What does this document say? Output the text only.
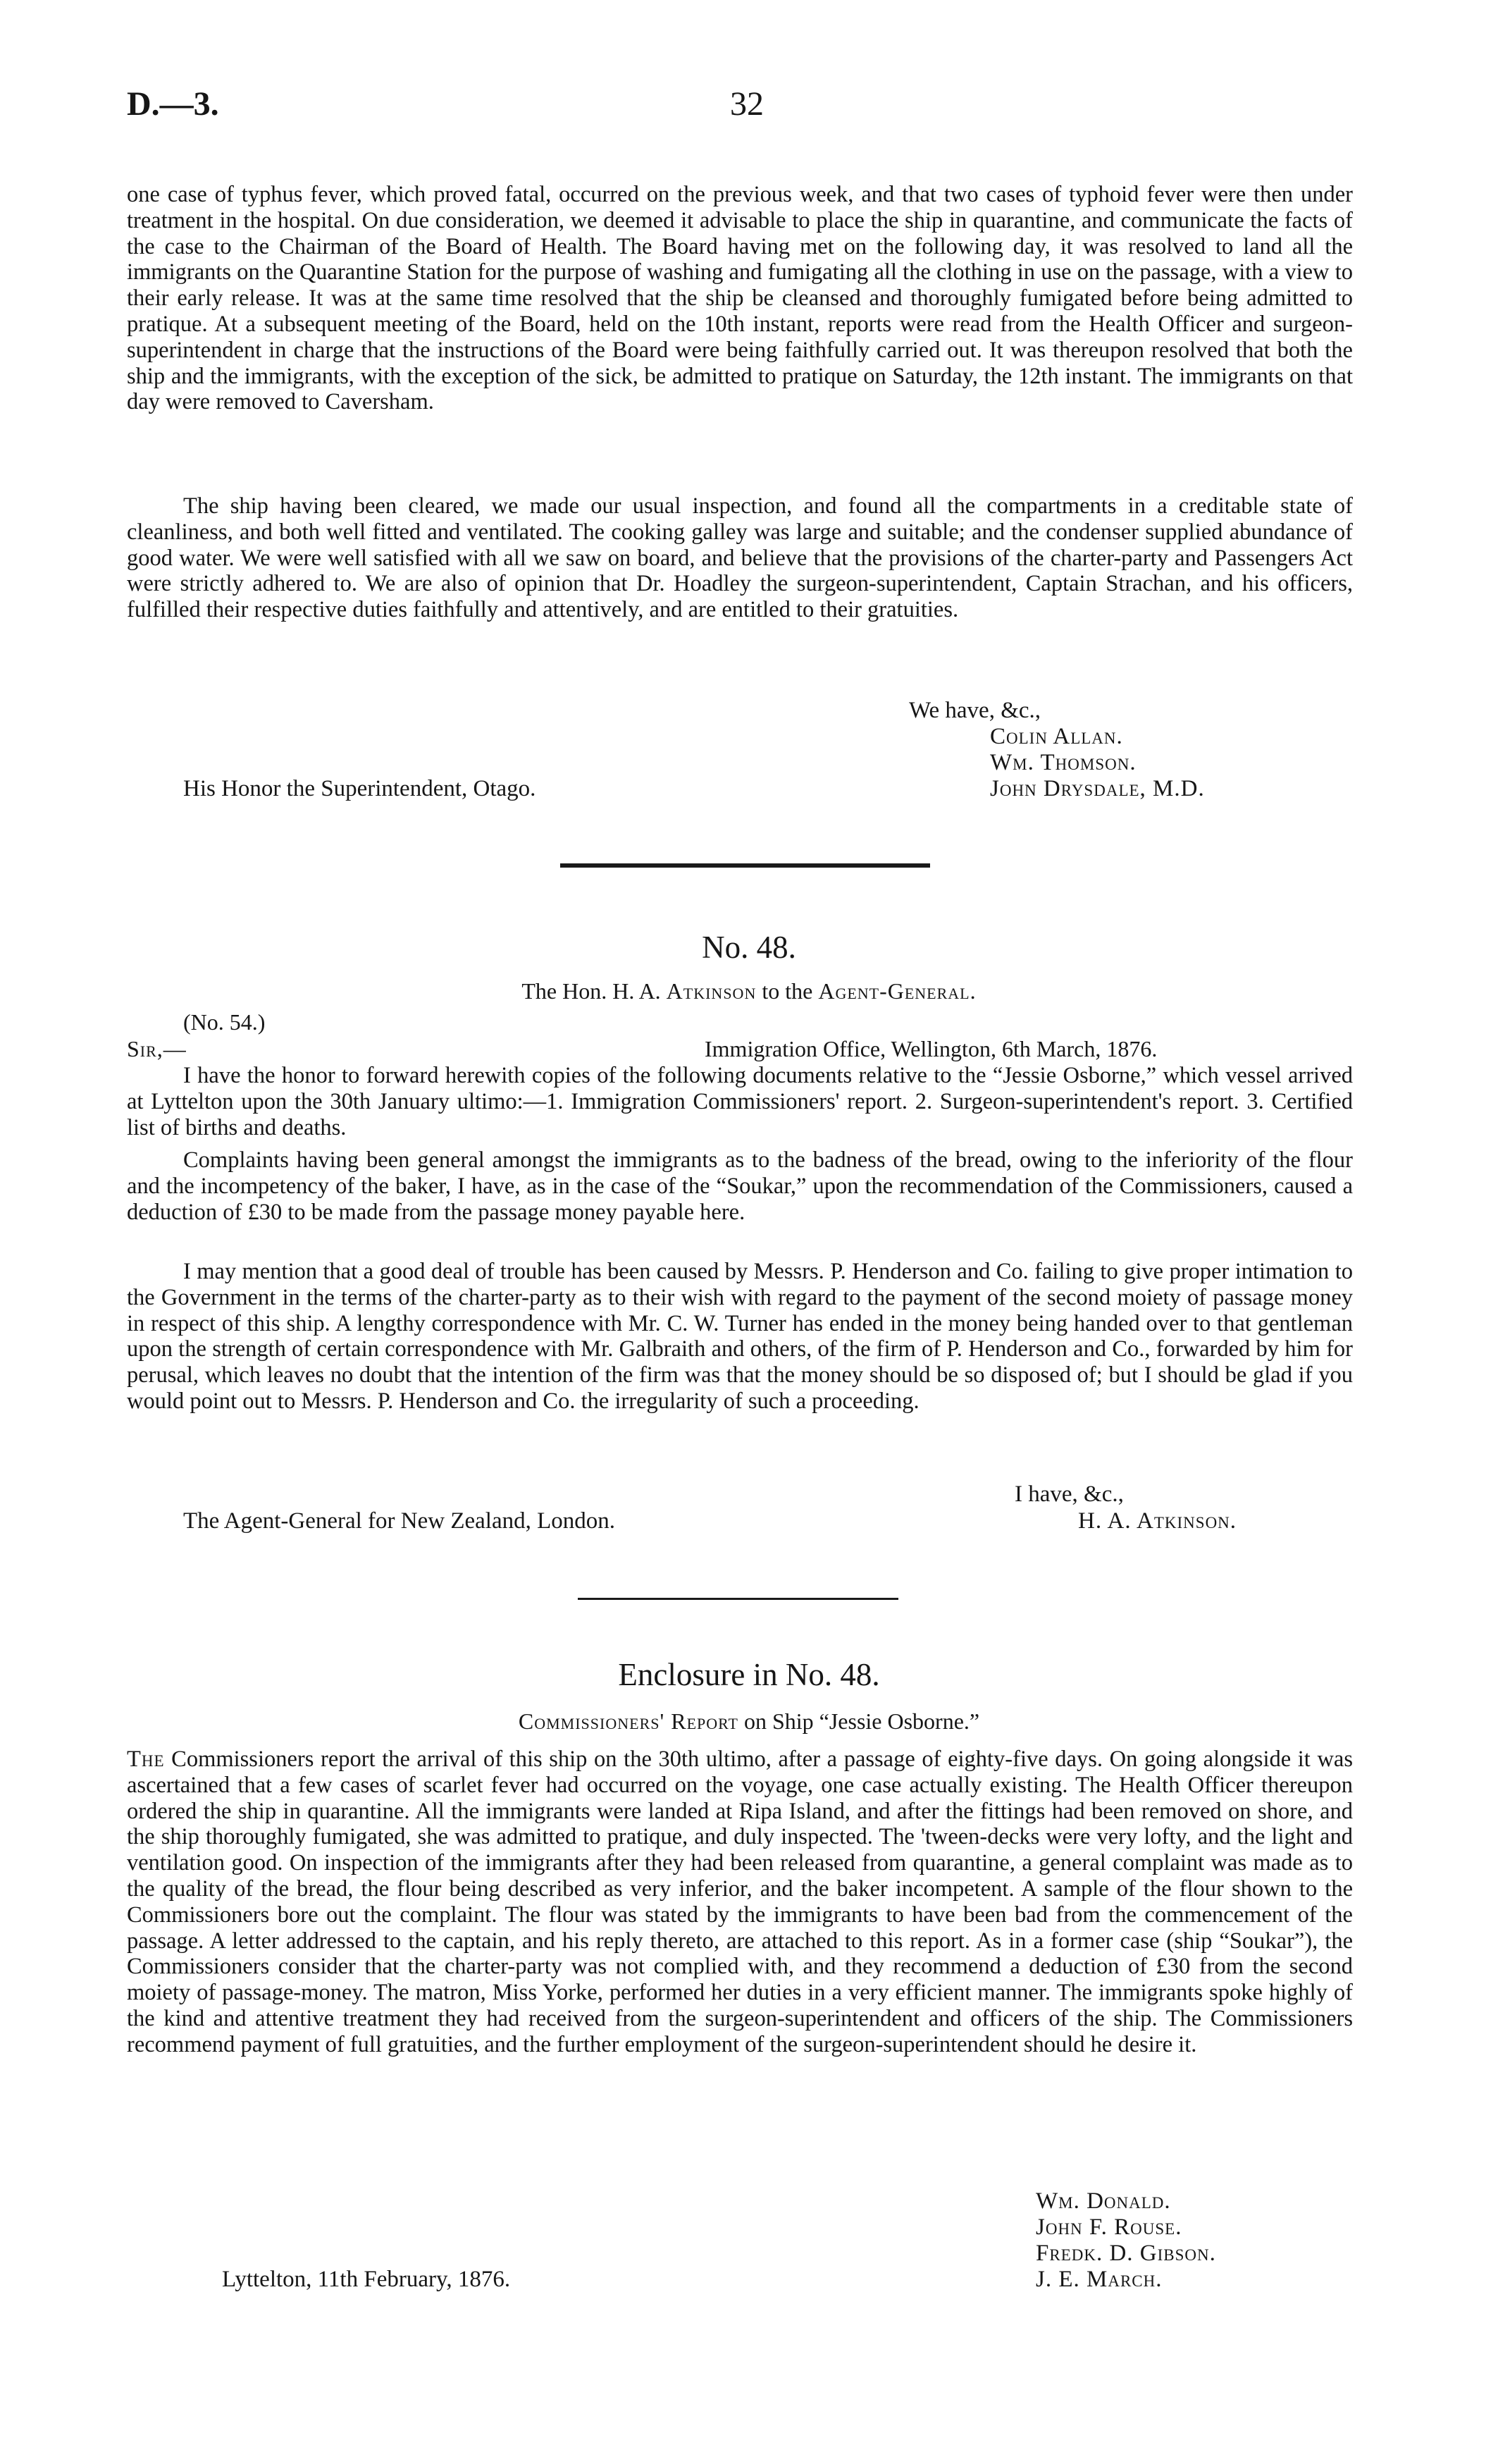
D.—3.	32

one case of typhus fever, which proved fatal, occurred on the previous week, and that two cases of typhoid fever were then under treatment in the hospital. On due consideration, we deemed it advisable to place the ship in quarantine, and communicate the facts of the case to the Chairman of the Board of Health. The Board having met on the following day, it was resolved to land all the immigrants on the Quarantine Station for the purpose of washing and fumigating all the clothing in use on the passage, with a view to their early release. It was at the same time resolved that the ship be cleansed and thoroughly fumigated before being admitted to pratique. At a subsequent meeting of the Board, held on the 10th instant, reports were read from the Health Officer and surgeon-superintendent in charge that the instructions of the Board were being faithfully carried out. It was thereupon resolved that both the ship and the immigrants, with the exception of the sick, be admitted to pratique on Saturday, the 12th instant. The immigrants on that day were removed to Caversham.

The ship having been cleared, we made our usual inspection, and found all the compartments in a creditable state of cleanliness, and both well fitted and ventilated. The cooking galley was large and suitable; and the condenser supplied abundance of good water. We were well satisfied with all we saw on board, and believe that the provisions of the charter-party and Passengers Act were strictly adhered to. We are also of opinion that Dr. Hoadley the surgeon-superintendent, Captain Strachan, and his officers, fulfilled their respective duties faithfully and attentively, and are entitled to their gratuities.

We have, &c.,
Colin Allan.
Wm. Thomson.
John Drysdale, M.D.
His Honor the Superintendent, Otago.
No. 48.
The Hon. H. A. Atkinson to the Agent-General.
(No. 54.)
Sir,—	Immigration Office, Wellington, 6th March, 1876.

I have the honor to forward herewith copies of the following documents relative to the “Jessie Osborne,” which vessel arrived at Lyttelton upon the 30th January ultimo:—1. Immigration Commissioners' report. 2. Surgeon-superintendent's report. 3. Certified list of births and deaths.

Complaints having been general amongst the immigrants as to the badness of the bread, owing to the inferiority of the flour and the incompetency of the baker, I have, as in the case of the “Soukar,” upon the recommendation of the Commissioners, caused a deduction of £30 to be made from the passage money payable here.

I may mention that a good deal of trouble has been caused by Messrs. P. Henderson and Co. failing to give proper intimation to the Government in the terms of the charter-party as to their wish with regard to the payment of the second moiety of passage money in respect of this ship. A lengthy correspondence with Mr. C. W. Turner has ended in the money being handed over to that gentleman upon the strength of certain correspondence with Mr. Galbraith and others, of the firm of P. Henderson and Co., forwarded by him for perusal, which leaves no doubt that the intention of the firm was that the money should be so disposed of; but I should be glad if you would point out to Messrs. P. Henderson and Co. the irregularity of such a proceeding.

I have, &c.,
H. A. Atkinson.
The Agent-General for New Zealand, London.
Enclosure in No. 48.
Commissioners' Report on Ship “Jessie Osborne.”

The Commissioners report the arrival of this ship on the 30th ultimo, after a passage of eighty-five days. On going alongside it was ascertained that a few cases of scarlet fever had occurred on the voyage, one case actually existing. The Health Officer thereupon ordered the ship in quarantine. All the immigrants were landed at Ripa Island, and after the fittings had been removed on shore, and the ship thoroughly fumigated, she was admitted to pratique, and duly inspected. The 'tween-decks were very lofty, and the light and ventilation good. On inspection of the immigrants after they had been released from quarantine, a general complaint was made as to the quality of the bread, the flour being described as very inferior, and the baker incompetent. A sample of the flour shown to the Commissioners bore out the complaint. The flour was stated by the immigrants to have been bad from the commencement of the passage. A letter addressed to the captain, and his reply thereto, are attached to this report. As in a former case (ship “Soukar”), the Commissioners consider that the charter-party was not complied with, and they recommend a deduction of £30 from the second moiety of passage-money. The matron, Miss Yorke, performed her duties in a very efficient manner. The immigrants spoke highly of the kind and attentive treatment they had received from the surgeon-superintendent and officers of the ship. The Commissioners recommend payment of full gratuities, and the further employment of the surgeon-superintendent should he desire it.

Wm. Donald.
John F. Rouse.
Fredk. D. Gibson.
J. E. March.
Lyttelton, 11th February, 1876.
